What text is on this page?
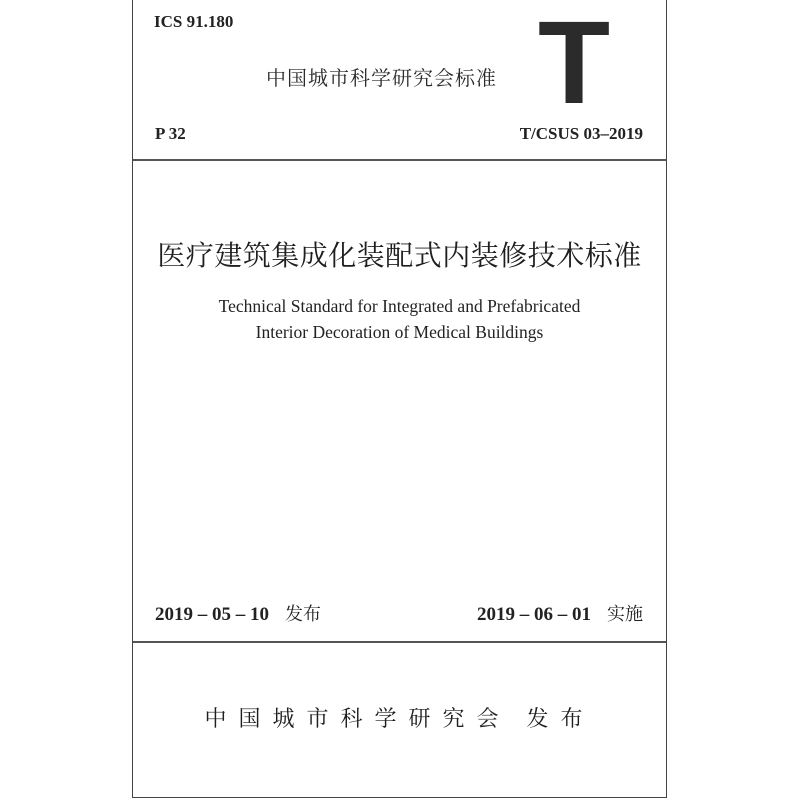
ICS 91.180
中国城市科学研究会标准 T
P 32	T/CSUS 03–2019
医疗建筑集成化装配式内装修技术标准
Technical Standard for Integrated and Prefabricated
Interior Decoration of Medical Buildings
2019 – 05 – 10 发布	2019 – 06 – 01 实施
中国城市科学研究会 发布
